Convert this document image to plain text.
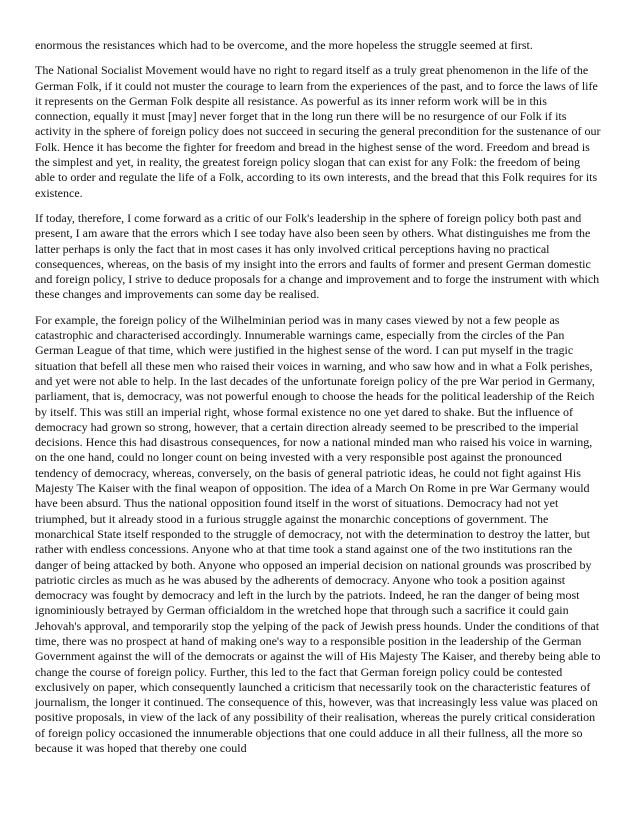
enormous the resistances which had to be overcome, and the more hopeless the struggle seemed at first.

The National Socialist Movement would have no right to regard itself as a truly great phenomenon in the life of the German Folk, if it could not muster the courage to learn from the experiences of the past, and to force the laws of life it represents on the German Folk despite all resistance. As powerful as its inner reform work will be in this connection, equally it must [may] never forget that in the long run there will be no resurgence of our Folk if its activity in the sphere of foreign policy does not succeed in securing the general precondition for the sustenance of our Folk. Hence it has become the fighter for freedom and bread in the highest sense of the word. Freedom and bread is the simplest and yet, in reality, the greatest foreign policy slogan that can exist for any Folk: the freedom of being able to order and regulate the life of a Folk, according to its own interests, and the bread that this Folk requires for its existence.

If today, therefore, I come forward as a critic of our Folk's leadership in the sphere of foreign policy both past and present, I am aware that the errors which I see today have also been seen by others. What distinguishes me from the latter perhaps is only the fact that in most cases it has only involved critical perceptions having no practical consequences, whereas, on the basis of my insight into the errors and faults of former and present German domestic and foreign policy, I strive to deduce proposals for a change and improvement and to forge the instrument with which these changes and improvements can some day be realised.

For example, the foreign policy of the Wilhelminian period was in many cases viewed by not a few people as catastrophic and characterised accordingly. Innumerable warnings came, especially from the circles of the Pan German League of that time, which were justified in the highest sense of the word. I can put myself in the tragic situation that befell all these men who raised their voices in warning, and who saw how and in what a Folk perishes, and yet were not able to help. In the last decades of the unfortunate foreign policy of the pre War period in Germany, parliament, that is, democracy, was not powerful enough to choose the heads for the political leadership of the Reich by itself. This was still an imperial right, whose formal existence no one yet dared to shake. But the influence of democracy had grown so strong, however, that a certain direction already seemed to be prescribed to the imperial decisions. Hence this had disastrous consequences, for now a national minded man who raised his voice in warning, on the one hand, could no longer count on being invested with a very responsible post against the pronounced tendency of democracy, whereas, conversely, on the basis of general patriotic ideas, he could not fight against His Majesty The Kaiser with the final weapon of opposition. The idea of a March On Rome in pre War Germany would have been absurd. Thus the national opposition found itself in the worst of situations. Democracy had not yet triumphed, but it already stood in a furious struggle against the monarchic conceptions of government. The monarchical State itself responded to the struggle of democracy, not with the determination to destroy the latter, but rather with endless concessions. Anyone who at that time took a stand against one of the two institutions ran the danger of being attacked by both. Anyone who opposed an imperial decision on national grounds was proscribed by patriotic circles as much as he was abused by the adherents of democracy. Anyone who took a position against democracy was fought by democracy and left in the lurch by the patriots. Indeed, he ran the danger of being most ignominiously betrayed by German officialdom in the wretched hope that through such a sacrifice it could gain Jehovah's approval, and temporarily stop the yelping of the pack of Jewish press hounds. Under the conditions of that time, there was no prospect at hand of making one's way to a responsible position in the leadership of the German Government against the will of the democrats or against the will of His Majesty The Kaiser, and thereby being able to change the course of foreign policy. Further, this led to the fact that German foreign policy could be contested exclusively on paper, which consequently launched a criticism that necessarily took on the characteristic features of journalism, the longer it continued. The consequence of this, however, was that increasingly less value was placed on positive proposals, in view of the lack of any possibility of their realisation, whereas the purely critical consideration of foreign policy occasioned the innumerable objections that one could adduce in all their fullness, all the more so because it was hoped that thereby one could
